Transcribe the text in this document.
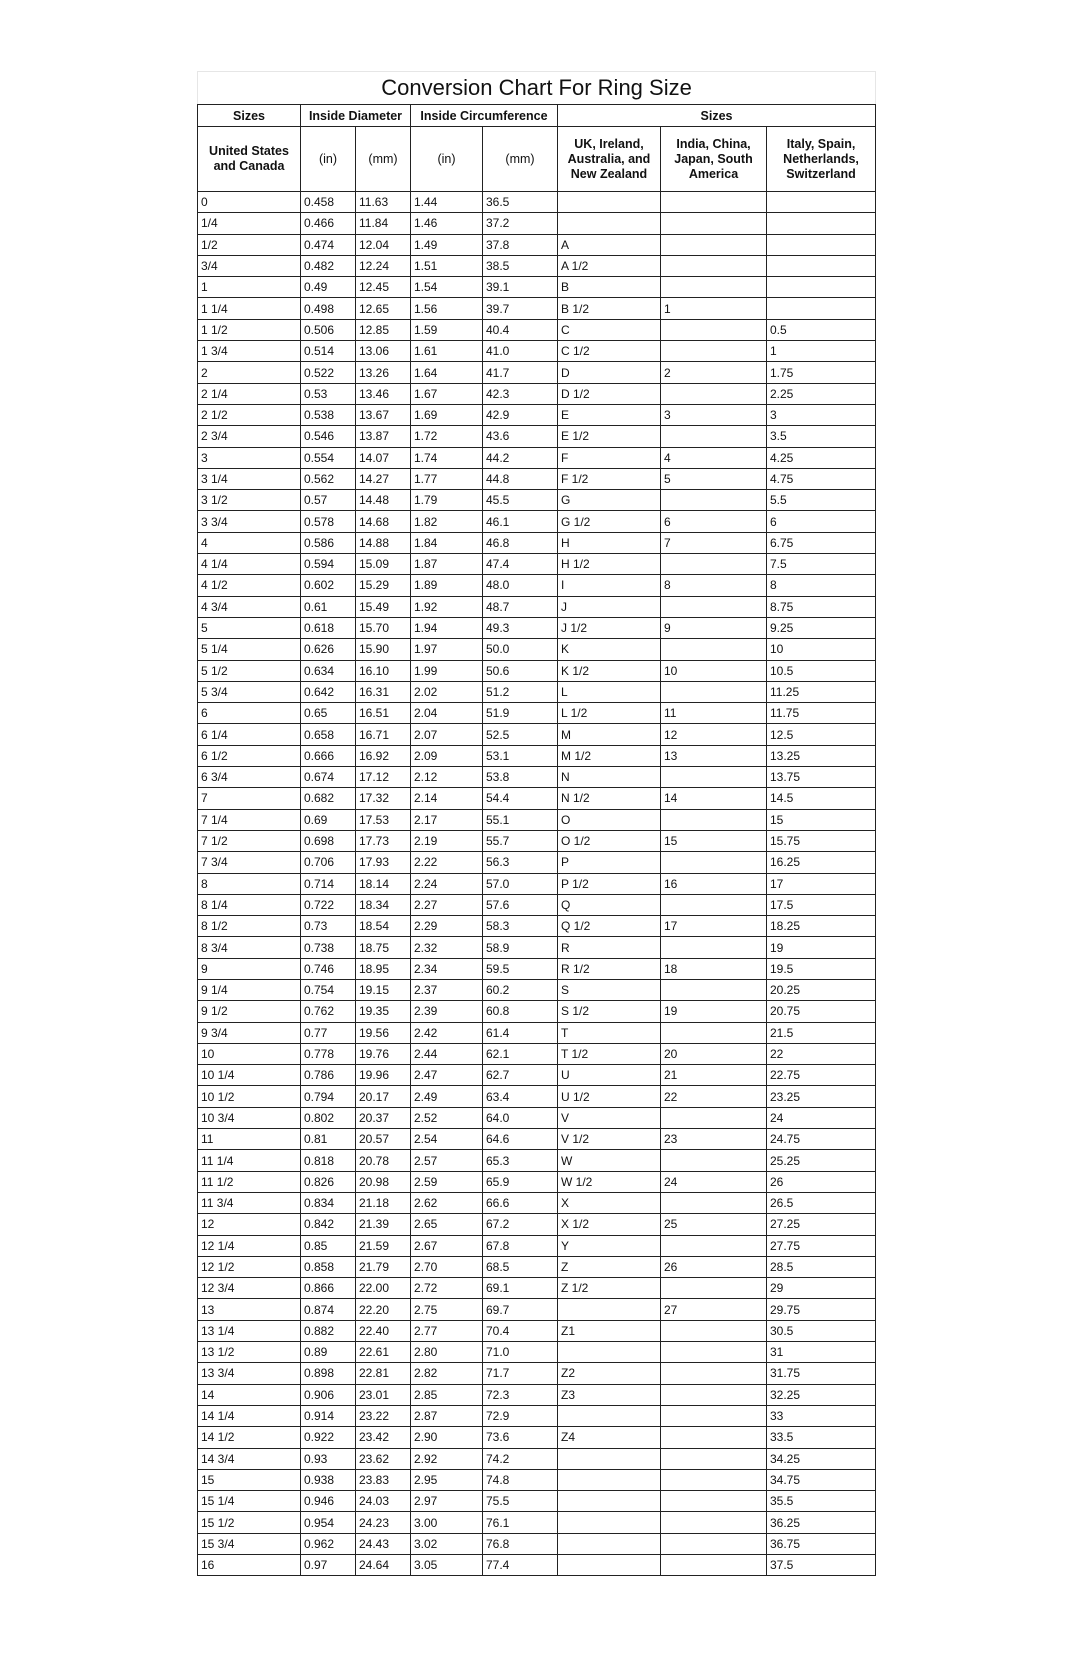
Conversion Chart For Ring Size							
Sizes	Inside Diameter		Inside Circumference		Sizes		
United States and Canada	(in)	(mm)	(in)	(mm)	UK, Ireland, Australia, and New Zealand	India, China, Japan, South America	Italy, Spain, Netherlands, Switzerland
0	0.458	11.63	1.44	36.5			
1/4	0.466	11.84	1.46	37.2			
1/2	0.474	12.04	1.49	37.8	A		
3/4	0.482	12.24	1.51	38.5	A 1/2		
1	0.49	12.45	1.54	39.1	B		
1 1/4	0.498	12.65	1.56	39.7	B 1/2	1	
1 1/2	0.506	12.85	1.59	40.4	C		0.5
1 3/4	0.514	13.06	1.61	41.0	C 1/2		1
2	0.522	13.26	1.64	41.7	D	2	1.75
2 1/4	0.53	13.46	1.67	42.3	D 1/2		2.25
2 1/2	0.538	13.67	1.69	42.9	E	3	3
2 3/4	0.546	13.87	1.72	43.6	E 1/2		3.5
3	0.554	14.07	1.74	44.2	F	4	4.25
3 1/4	0.562	14.27	1.77	44.8	F 1/2	5	4.75
3 1/2	0.57	14.48	1.79	45.5	G		5.5
3 3/4	0.578	14.68	1.82	46.1	G 1/2	6	6
4	0.586	14.88	1.84	46.8	H	7	6.75
4 1/4	0.594	15.09	1.87	47.4	H 1/2		7.5
4 1/2	0.602	15.29	1.89	48.0	I	8	8
4 3/4	0.61	15.49	1.92	48.7	J		8.75
5	0.618	15.70	1.94	49.3	J 1/2	9	9.25
5 1/4	0.626	15.90	1.97	50.0	K		10
5 1/2	0.634	16.10	1.99	50.6	K 1/2	10	10.5
5 3/4	0.642	16.31	2.02	51.2	L		11.25
6	0.65	16.51	2.04	51.9	L 1/2	11	11.75
6 1/4	0.658	16.71	2.07	52.5	M	12	12.5
6 1/2	0.666	16.92	2.09	53.1	M 1/2	13	13.25
6 3/4	0.674	17.12	2.12	53.8	N		13.75
7	0.682	17.32	2.14	54.4	N 1/2	14	14.5
7 1/4	0.69	17.53	2.17	55.1	O		15
7 1/2	0.698	17.73	2.19	55.7	O 1/2	15	15.75
7 3/4	0.706	17.93	2.22	56.3	P		16.25
8	0.714	18.14	2.24	57.0	P 1/2	16	17
8 1/4	0.722	18.34	2.27	57.6	Q		17.5
8 1/2	0.73	18.54	2.29	58.3	Q 1/2	17	18.25
8 3/4	0.738	18.75	2.32	58.9	R		19
9	0.746	18.95	2.34	59.5	R 1/2	18	19.5
9 1/4	0.754	19.15	2.37	60.2	S		20.25
9 1/2	0.762	19.35	2.39	60.8	S 1/2	19	20.75
9 3/4	0.77	19.56	2.42	61.4	T		21.5
10	0.778	19.76	2.44	62.1	T 1/2	20	22
10 1/4	0.786	19.96	2.47	62.7	U	21	22.75
10 1/2	0.794	20.17	2.49	63.4	U 1/2	22	23.25
10 3/4	0.802	20.37	2.52	64.0	V		24
11	0.81	20.57	2.54	64.6	V 1/2	23	24.75
11 1/4	0.818	20.78	2.57	65.3	W		25.25
11 1/2	0.826	20.98	2.59	65.9	W 1/2	24	26
11 3/4	0.834	21.18	2.62	66.6	X		26.5
12	0.842	21.39	2.65	67.2	X 1/2	25	27.25
12 1/4	0.85	21.59	2.67	67.8	Y		27.75
12 1/2	0.858	21.79	2.70	68.5	Z	26	28.5
12 3/4	0.866	22.00	2.72	69.1	Z 1/2		29
13	0.874	22.20	2.75	69.7		27	29.75
13 1/4	0.882	22.40	2.77	70.4	Z1		30.5
13 1/2	0.89	22.61	2.80	71.0			31
13 3/4	0.898	22.81	2.82	71.7	Z2		31.75
14	0.906	23.01	2.85	72.3	Z3		32.25
14 1/4	0.914	23.22	2.87	72.9			33
14 1/2	0.922	23.42	2.90	73.6	Z4		33.5
14 3/4	0.93	23.62	2.92	74.2			34.25
15	0.938	23.83	2.95	74.8			34.75
15 1/4	0.946	24.03	2.97	75.5			35.5
15 1/2	0.954	24.23	3.00	76.1			36.25
15 3/4	0.962	24.43	3.02	76.8			36.75
16	0.97	24.64	3.05	77.4			37.5
